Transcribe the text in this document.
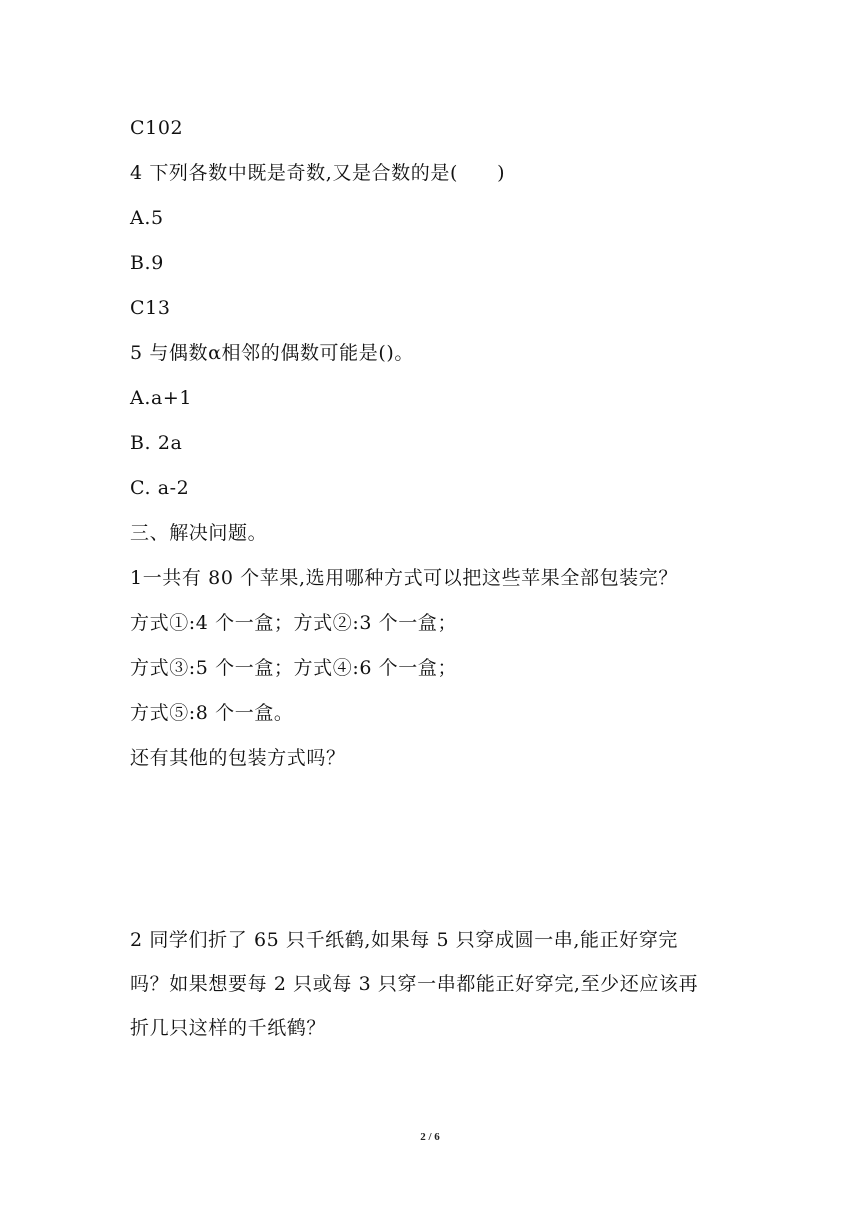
C102
4 下列各数中既是奇数,又是合数的是(　　)
A.5
B.9
C13
5 与偶数α相邻的偶数可能是()。
A.a+1
B. 2a
C. a-2
三、解决问题。
1一共有 80 个苹果,选用哪种方式可以把这些苹果全部包装完？
方式①:4 个一盒；方式②:3 个一盒；
方式③:5 个一盒；方式④:6 个一盒；
方式⑤:8 个一盒。
还有其他的包装方式吗？
2 同学们折了 65 只千纸鹤,如果每 5 只穿成圆一串,能正好穿完
吗？如果想要每 2 只或每 3 只穿一串都能正好穿完,至少还应该再
折几只这样的千纸鹤？
2 / 6
